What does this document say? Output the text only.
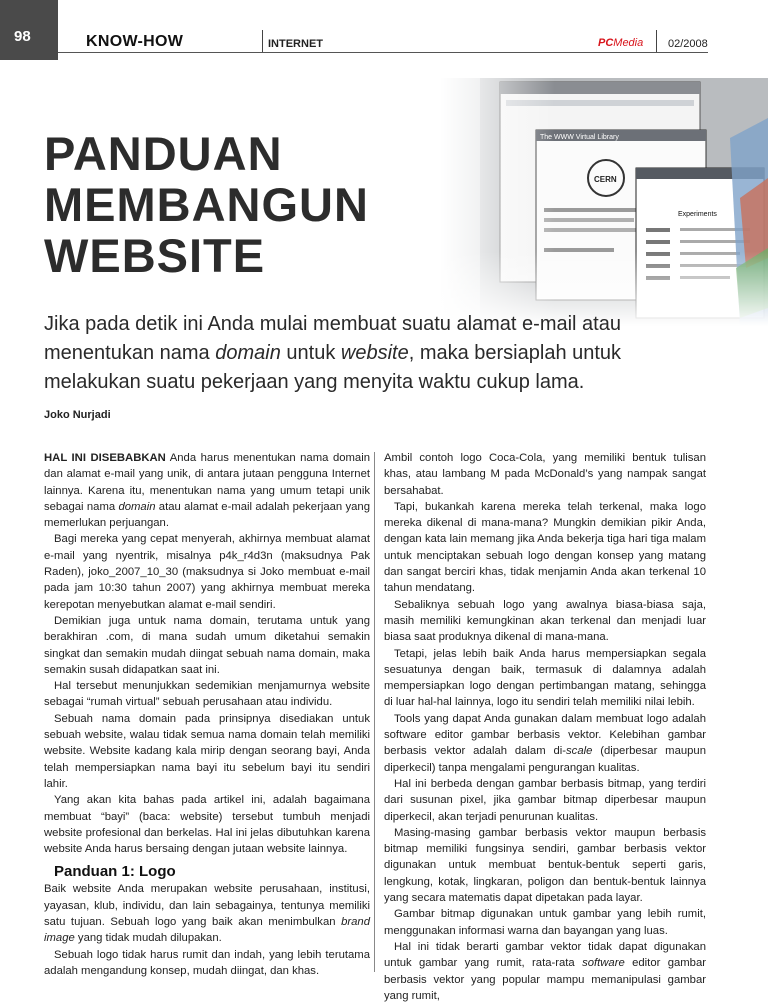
98	KNOW-HOW	INTERNET	PCMedia 02/2008
PANDUAN
MEMBANGUN
WEBSITE
Jika pada detik ini Anda mulai membuat suatu alamat e-mail atau menentukan nama domain untuk website, maka bersiaplah untuk melakukan suatu pekerjaan yang menyita waktu cukup lama.
Joko Nurjadi

HAL INI DISEBABKAN Anda harus menentukan nama domain dan alamat e-mail yang unik, di antara jutaan pengguna Internet lainnya. Karena itu, menentukan nama yang umum tetapi unik sebagai nama domain atau alamat e-mail adalah pekerjaan yang memerlukan perjuangan.

Bagi mereka yang cepat menyerah, akhirnya membuat alamat e-mail yang nyentrik, misalnya p4k_r4d3n (maksudnya Pak Raden), joko_2007_10_30 (maksudnya si Joko membuat e-mail pada jam 10:30 tahun 2007) yang akhirnya membuat mereka kerepotan menyebutkan alamat e-mail sendiri.

Demikian juga untuk nama domain, terutama untuk yang berakhiran .com, di mana sudah umum diketahui semakin singkat dan semakin mudah diingat sebuah nama domain, maka semakin susah didapatkan saat ini.

Hal tersebut menunjukkan sedemikian menjamurnya website sebagai “rumah virtual” sebuah perusahaan atau individu.

Sebuah nama domain pada prinsipnya disediakan untuk sebuah website, walau tidak semua nama domain telah memiliki website. Website kadang kala mirip dengan seorang bayi, Anda telah mempersiapkan nama bayi itu sebelum bayi itu sendiri lahir.

Yang akan kita bahas pada artikel ini, adalah bagaimana membuat “bayi” (baca: website) tersebut tumbuh menjadi website profesional dan berkelas. Hal ini jelas dibutuhkan karena website Anda harus bersaing dengan jutaan website lainnya.

Panduan 1: Logo

Baik website Anda merupakan website perusahaan, institusi, yayasan, klub, individu, dan lain sebagainya, tentunya memiliki satu tujuan. Sebuah logo yang baik akan menimbulkan brand image yang tidak mudah dilupakan.

Sebuah logo tidak harus rumit dan indah, yang lebih terutama adalah mengandung konsep, mudah diingat, dan khas.

Ambil contoh logo Coca-Cola, yang memiliki bentuk tulisan khas, atau lambang M pada McDonald’s yang nampak sangat bersahabat.

Tapi, bukankah karena mereka telah terkenal, maka logo mereka dikenal di mana-mana? Mungkin demikian pikir Anda, dengan kata lain memang jika Anda bekerja tiga hari tiga malam untuk menciptakan sebuah logo dengan konsep yang matang dan sangat berciri khas, tidak menjamin Anda akan terkenal 10 tahun mendatang.

Sebaliknya sebuah logo yang awalnya biasa-biasa saja, masih memiliki kemungkinan akan terkenal dan menjadi luar biasa saat produknya dikenal di mana-mana.

Tetapi, jelas lebih baik Anda harus mempersiapkan segala sesuatunya dengan baik, termasuk di dalamnya adalah mempersiapkan logo dengan pertimbangan matang, sehingga di luar hal-hal lainnya, logo itu sendiri telah memiliki nilai lebih.

Tools yang dapat Anda gunakan dalam membuat logo adalah software editor gambar berbasis vektor. Kelebihan gambar berbasis vektor adalah dalam di-scale (diperbesar maupun diperkecil) tanpa mengalami pengurangan kualitas.

Hal ini berbeda dengan gambar berbasis bitmap, yang terdiri dari susunan pixel, jika gambar bitmap diperbesar maupun diperkecil, akan terjadi penurunan kualitas.

Masing-masing gambar berbasis vektor maupun berbasis bitmap memiliki fungsinya sendiri, gambar berbasis vektor digunakan untuk membuat bentuk-bentuk seperti garis, lengkung, kotak, lingkaran, poligon dan bentuk-bentuk lainnya yang secara matematis dapat dipetakan pada layar.

Gambar bitmap digunakan untuk gambar yang lebih rumit, menggunakan informasi warna dan bayangan yang luas.

Hal ini tidak berarti gambar vektor tidak dapat digunakan untuk gambar yang rumit, rata-rata software editor gambar berbasis vektor yang popular mampu memanipulasi gambar yang rumit,
